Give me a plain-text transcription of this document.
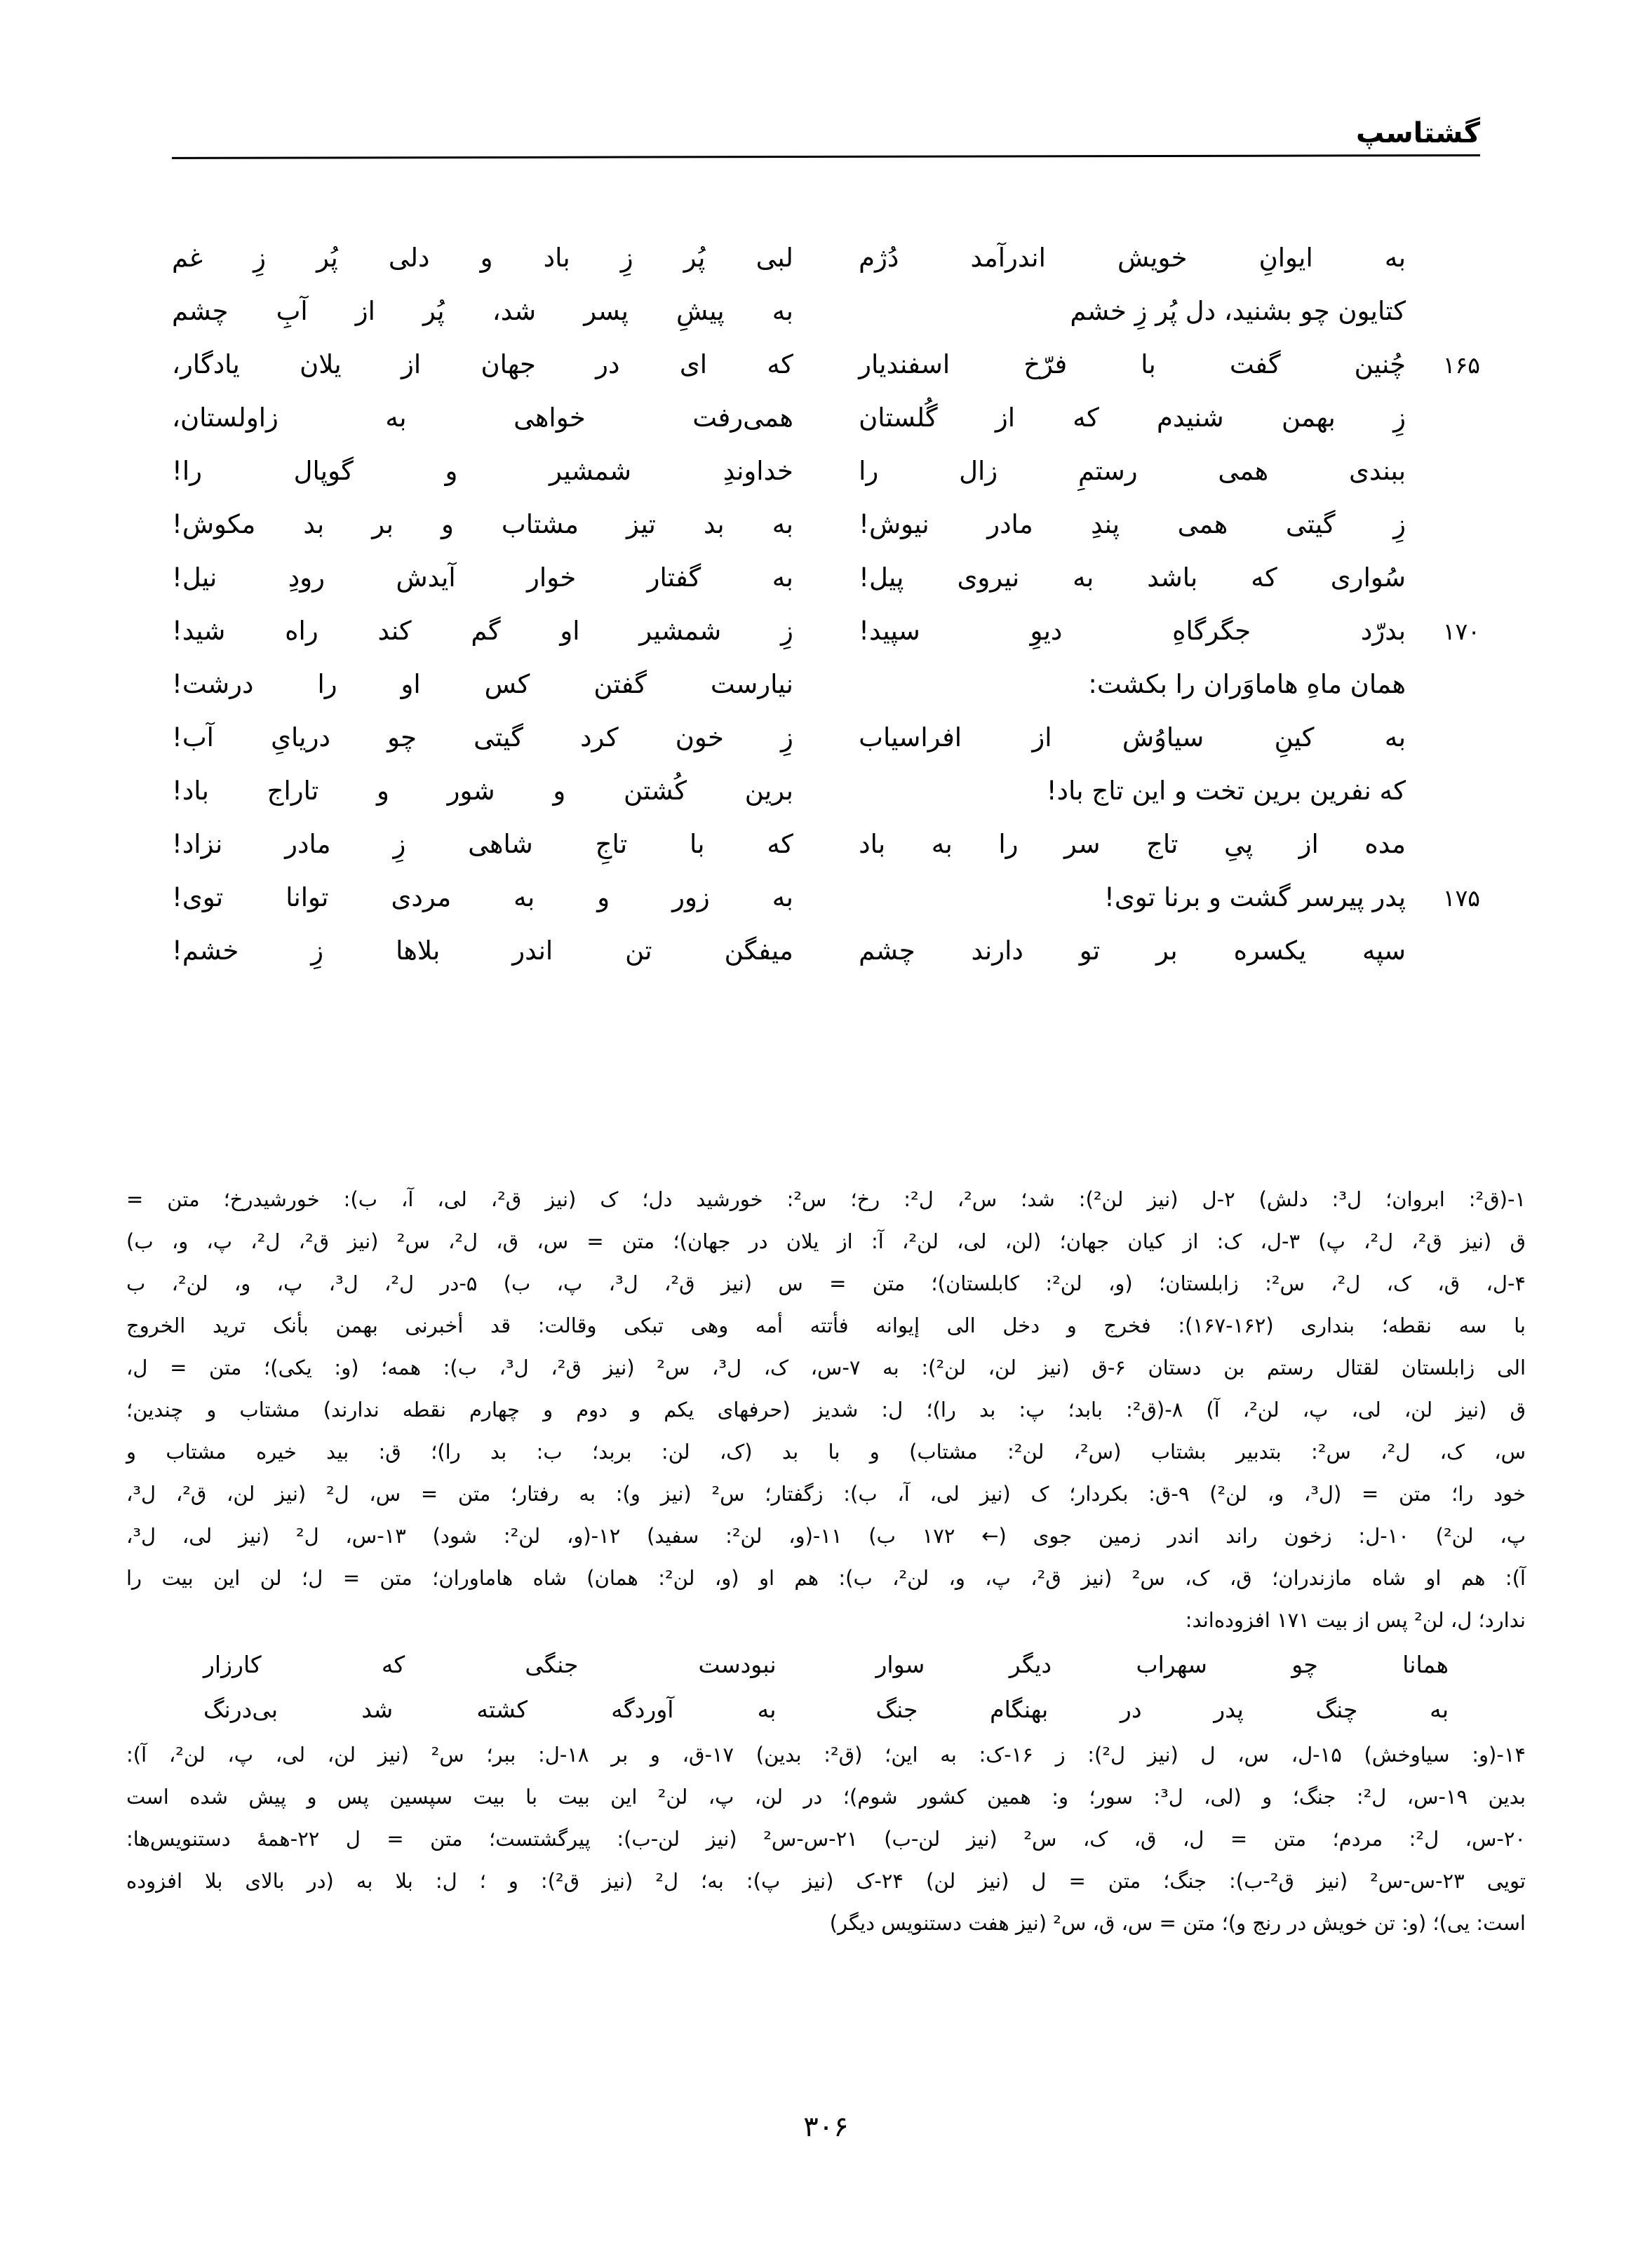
گشتاسپ
به ایوانِ خویش اندرآمد دُژم
کتایون چو بشنید، دل پُر زِ خشم
۱۶۵
چُنین گفت با فرّخ اسفندیار
زِ بهمن شنیدم که از گُلستان
ببندی همی رستمِ زال را
زِ گیتی همی پندِ مادر نیوش!
سُواری که باشد به نیروی پیل!
۱۷۰
بدرّد جگرگاهِ دیوِ سپید!
همان ماهِ هاماوَران را بکشت:
به کینِ سیاوُش از افراسیاب
که نفرین برین تخت و این تاج باد!
مده از پیِ تاج سر را به باد
۱۷۵
پدر پیرسر گشت و برنا توی!
سپه یکسره بر تو دارند چشم
لبی پُر زِ باد و دلی پُر زِ غم
به پیشِ پسر شد، پُر از آبِ چشم
که ای در جهان از یلان یادگار،
همی‌رفت خواهی به زاولستان،
خداوندِ شمشیر و گوپال را!
به بد تیز مشتاب و بر بد مکوش!
به گفتار خوار آیدش رودِ نیل!
زِ شمشیر او گم کند راه شید!
نیارست گفتن کس او را درشت!
زِ خون کرد گیتی چو دریایِ آب!
برین کُشتن و شور و تاراج باد!
که با تاجِ شاهی زِ مادر نزاد!
به زور و به مردی توانا توی!
میفگن تن اندر بلاها زِ خشم!

۱-(ق²: ابروان؛ ل³: دلش) ۲-ل (نیز لن²): شد؛ س²، ل²: رخ؛ س²: خورشید دل؛ ک (نیز ق²، لی، آ، ب): خورشیدرخ؛ متن =

ق (نیز ق²، ل²، پ) ۳-ل، ک: از کیان جهان؛ (لن، لی، لن²، آ: از یلان در جهان)؛ متن = س، ق، ل²، س² (نیز ق²، ل²، پ، و، ب)

۴-ل، ق، ک، ل²، س²: زابلستان؛ (و، لن²: کابلستان)؛ متن = س (نیز ق²، ل³، پ، ب) ۵-در ل²، ل³، پ، و، لن²، ب

با سه نقطه؛ بنداری (۱۶۲-۱۶۷): فخرج و دخل الی إیوانه فأتته أمه وهی تبکی وقالت: قد أخبرنی بهمن بأنک ترید الخروج

الی زابلستان لقتال رستم بن دستان ۶-ق (نیز لن، لن²): به ۷-س، ک، ل³، س² (نیز ق²، ل³، ب): همه؛ (و: یکی)؛ متن = ل،

ق (نیز لن، لی، پ، لن²، آ) ۸-(ق²: بابد؛ پ: بد را)؛ ل: شدیز (حرفهای یکم و دوم و چهارم نقطه ندارند) مشتاب و چندین؛

س، ک، ل²، س²: بتدبیر بشتاب (س²، لن²: مشتاب) و با بد (ک، لن: بربد؛ ب: بد را)؛ ق: بید خیره مشتاب و

خود را؛ متن = (ل³، و، لن²) ۹-ق: بکردار؛ ک (نیز لی، آ، ب): زگفتار؛ س² (نیز و): به رفتار؛ متن = س، ل² (نیز لن، ق²، ل³،

پ، لن²) ۱۰-ل: زخون راند اندر زمین جوی (← ۱۷۲ ب) ۱۱-(و، لن²: سفید) ۱۲-(و، لن²: شود) ۱۳-س، ل² (نیز لی، ل³،

آ): هم او شاه مازندران؛ ق، ک، س² (نیز ق²، پ، و، لن²، ب): هم او (و، لن²: همان) شاه هاماوران؛ متن = ل؛ لن این بیت را

ندارد؛ ل، لن² پس از بیت ۱۷۱ افزوده‌اند:

همانا چو سهراب دیگر سوار
نبودست جنگی که کارزار
به چنگ پدر در بهنگام جنگ
به آوردگه کشته شد بی‌درنگ

۱۴-(و: سیاوخش) ۱۵-ل، س، ل (نیز ل²): ز ۱۶-ک: به این؛ (ق²: بدین) ۱۷-ق، و بر ۱۸-ل: ببر؛ س² (نیز لن، لی، پ، لن²، آ):

بدین ۱۹-س، ل²: جنگ؛ و (لی، ل³: سور؛ و: همین کشور شوم)؛ در لن، پ، لن² این بیت با بیت سپسین پس و پیش شده است

۲۰-س، ل²: مردم؛ متن = ل، ق، ک، س² (نیز لن-ب) ۲۱-س-س² (نیز لن-ب): پیرگشتست؛ متن = ل ۲۲-همهٔ دستنویس‌ها:

تویی ۲۳-س-س² (نیز ق²-ب): جنگ؛ متن = ل (نیز لن) ۲۴-ک (نیز پ): به؛ ل² (نیز ق²): و ؛ ل: بلا به (در بالای بلا افزوده

است: یی)؛ (و: تن خویش در رنج و)؛ متن = س، ق، س² (نیز هفت دستنویس دیگر)

۳۰۶
